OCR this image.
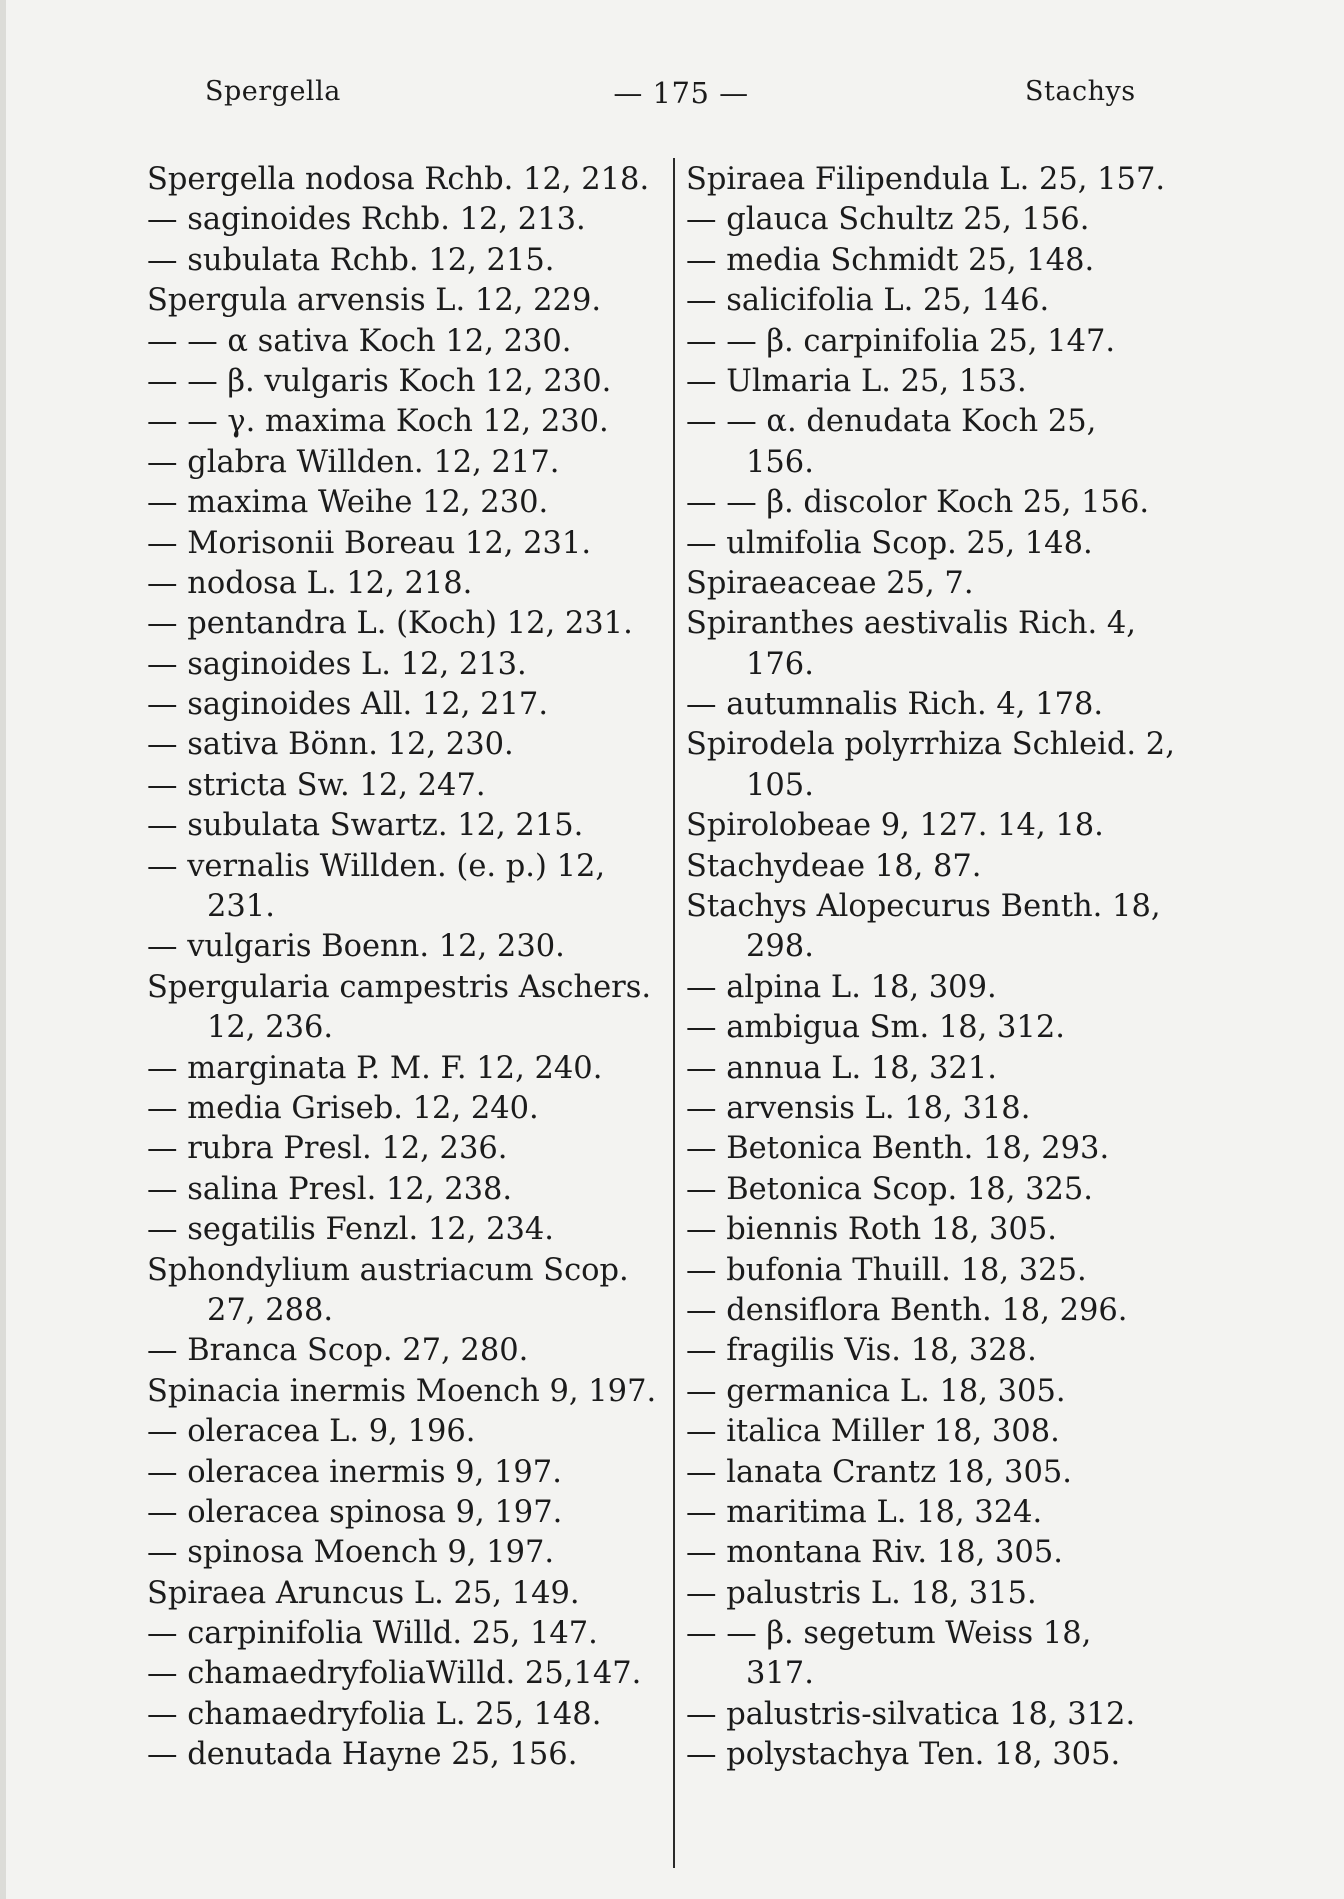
Spergella	— 175 —	Stachys
Spergella nodosa Rchb. 12, 218.
— saginoides Rchb. 12, 213.
— subulata Rchb. 12, 215.
Spergula arvensis L. 12, 229.
— — α sativa Koch 12, 230.
— — β. vulgaris Koch 12, 230.
— — γ. maxima Koch 12, 230.
— glabra Willden. 12, 217.
— maxima Weihe 12, 230.
— Morisonii Boreau 12, 231.
— nodosa L. 12, 218.
— pentandra L. (Koch) 12, 231.
— saginoides L. 12, 213.
— saginoides All. 12, 217.
— sativa Bönn. 12, 230.
— stricta Sw. 12, 247.
— subulata Swartz. 12, 215.
— vernalis Willden. (e. p.) 12,
231.
— vulgaris Boenn. 12, 230.
Spergularia campestris Aschers.
12, 236.
— marginata P. M. F. 12, 240.
— media Griseb. 12, 240.
— rubra Presl. 12, 236.
— salina Presl. 12, 238.
— segatilis Fenzl. 12, 234.
Sphondylium austriacum Scop.
27, 288.
— Branca Scop. 27, 280.
Spinacia inermis Moench 9, 197.
— oleracea L. 9, 196.
— oleracea inermis 9, 197.
— oleracea spinosa 9, 197.
— spinosa Moench 9, 197.
Spiraea Aruncus L. 25, 149.
— carpinifolia Willd. 25, 147.
— chamaedryfoliaWilld. 25,147.
— chamaedryfolia L. 25, 148.
— denutada Hayne 25, 156.
Spiraea Filipendula L. 25, 157.
— glauca Schultz 25, 156.
— media Schmidt 25, 148.
— salicifolia L. 25, 146.
— — β. carpinifolia 25, 147.
— Ulmaria L. 25, 153.
— — α. denudata Koch 25,
156.
— — β. discolor Koch 25, 156.
— ulmifolia Scop. 25, 148.
Spiraeaceae 25, 7.
Spiranthes aestivalis Rich. 4,
176.
— autumnalis Rich. 4, 178.
Spirodela polyrrhiza Schleid. 2,
105.
Spirolobeae 9, 127. 14, 18.
Stachydeae 18, 87.
Stachys Alopecurus Benth. 18,
298.
— alpina L. 18, 309.
— ambigua Sm. 18, 312.
— annua L. 18, 321.
— arvensis L. 18, 318.
— Betonica Benth. 18, 293.
— Betonica Scop. 18, 325.
— biennis Roth 18, 305.
— bufonia Thuill. 18, 325.
— densiflora Benth. 18, 296.
— fragilis Vis. 18, 328.
— germanica L. 18, 305.
— italica Miller 18, 308.
— lanata Crantz 18, 305.
— maritima L. 18, 324.
— montana Riv. 18, 305.
— palustris L. 18, 315.
— — β. segetum Weiss 18,
317.
— palustris-silvatica 18, 312.
— polystachya Ten. 18, 305.
